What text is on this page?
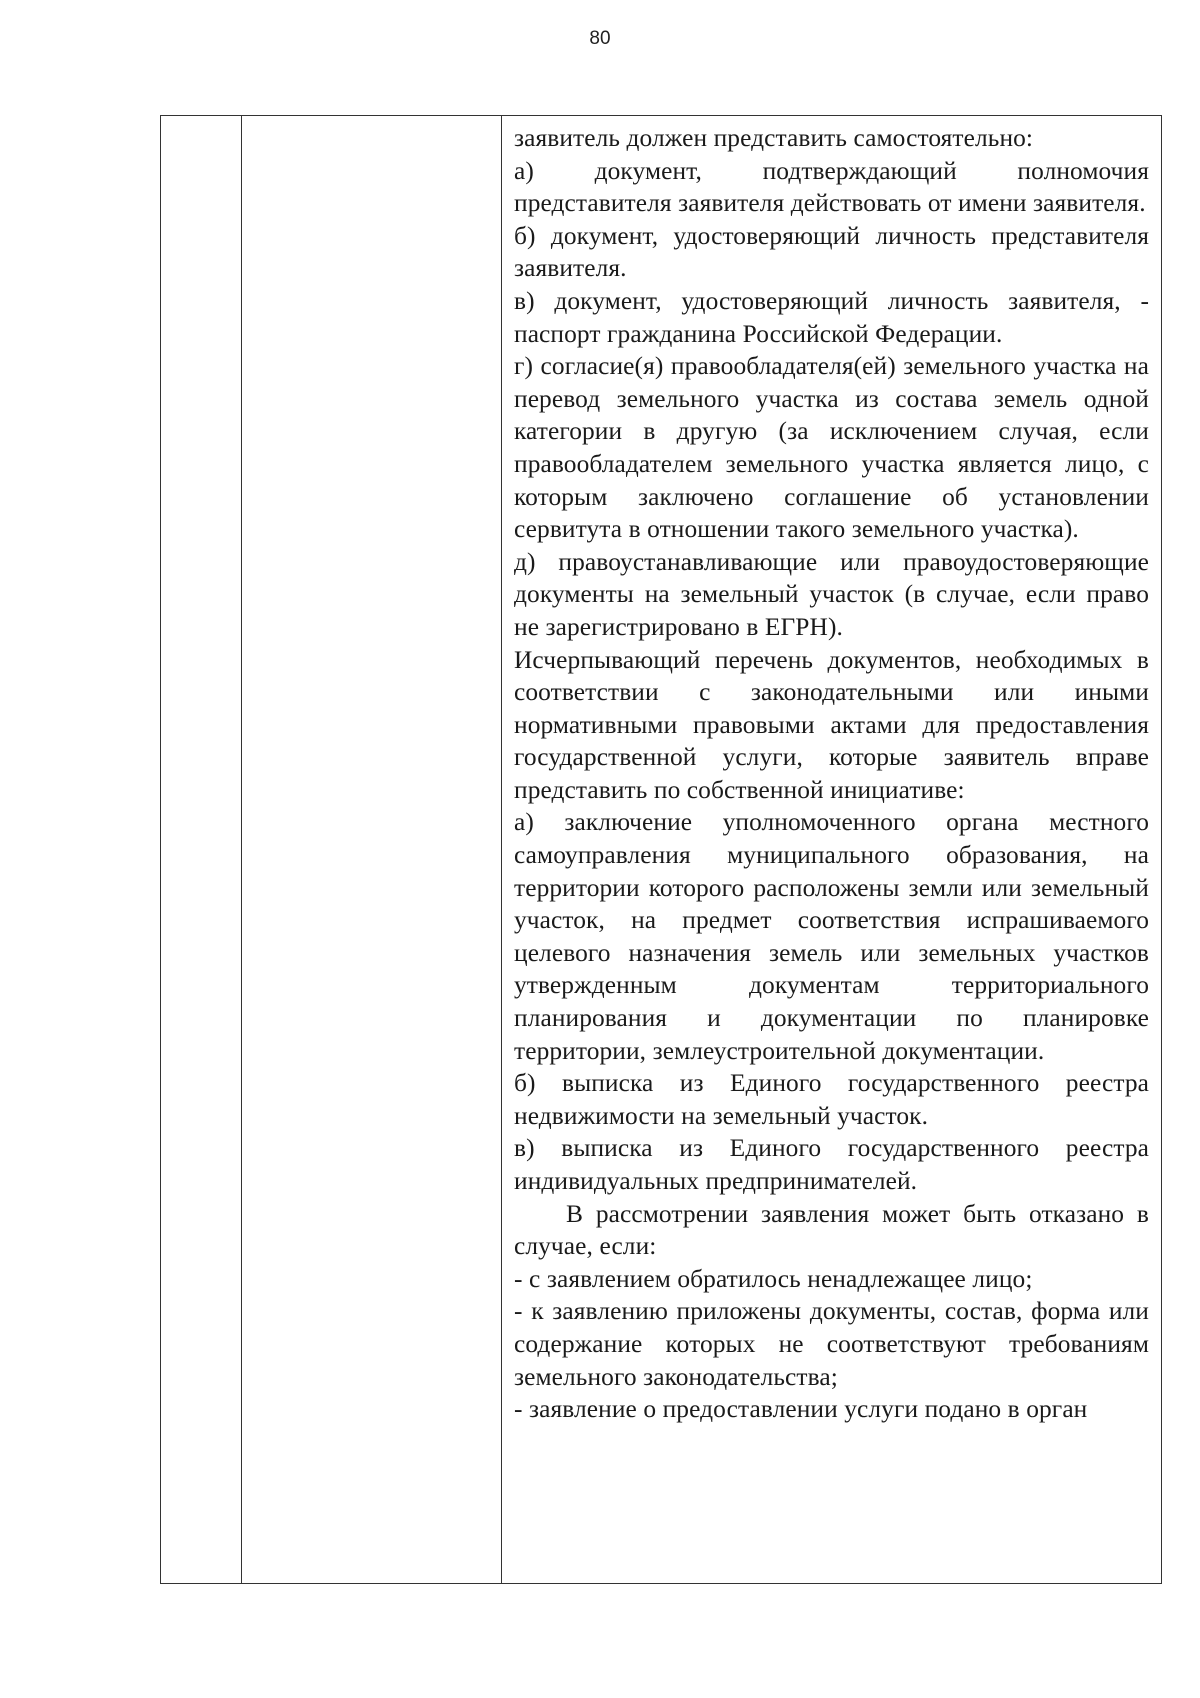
80

заявитель должен представить самостоятельно:

а) документ, подтверждающий полномочия представителя заявителя действовать от имени заявителя.

б) документ, удостоверяющий личность представителя заявителя.

в) документ, удостоверяющий личность заявителя, - паспорт гражданина Российской Федерации.

г) согласие(я) правообладателя(ей) земельного участка на перевод земельного участка из состава земель одной категории в другую (за исключением случая, если правообладателем земельного участка является лицо, с которым заключено соглашение об установлении сервитута в отношении такого земельного участка).

д) правоустанавливающие или правоудостоверяющие документы на земельный участок (в случае, если право не зарегистрировано в ЕГРН).

Исчерпывающий перечень документов, необходимых в соответствии с законодательными или иными нормативными правовыми актами для предоставления государственной услуги, которые заявитель вправе представить по собственной инициативе:

а) заключение уполномоченного органа местного самоуправления муниципального образования, на территории которого расположены земли или земельный участок, на предмет соответствия испрашиваемого целевого назначения земель или земельных участков утвержденным документам территориального планирования и документации по планировке территории, землеустроительной документации.

б) выписка из Единого государственного реестра недвижимости на земельный участок.

в) выписка из Единого государственного реестра индивидуальных предпринимателей.

В рассмотрении заявления может быть отказано в случае, если:

- с заявлением обратилось ненадлежащее лицо;

- к заявлению приложены документы, состав, форма или содержание которых не соответствуют требованиям земельного законодательства;

- заявление о предоставлении услуги подано в орган
